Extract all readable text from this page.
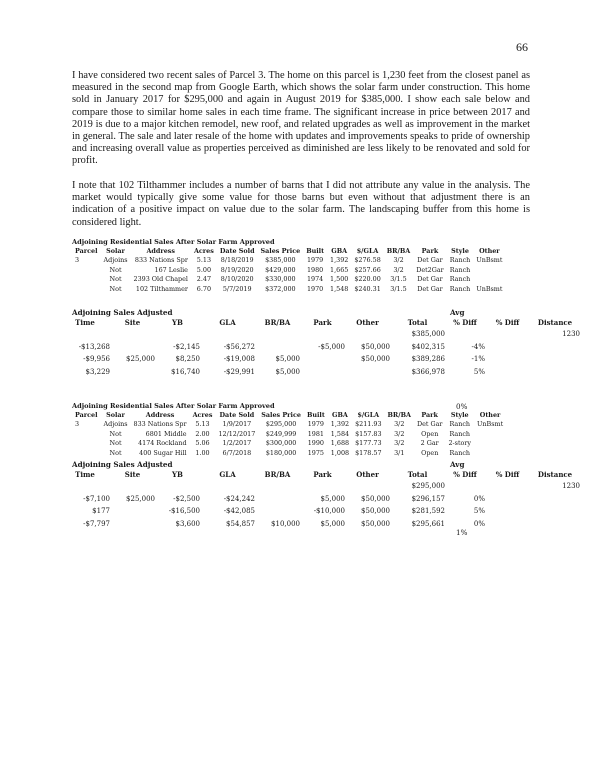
66

I have considered two recent sales of Parcel 3. The home on this parcel is 1,230 feet from the closest panel as measured in the second map from Google Earth, which shows the solar farm under construction. This home sold in January 2017 for $295,000 and again in August 2019 for $385,000. I show each sale below and compare those to similar home sales in each time frame. The significant increase in price between 2017 and 2019 is due to a major kitchen remodel, new roof, and related upgrades as well as improvement in the market in general. The sale and later resale of the home with updates and improvements speaks to pride of ownership and increasing overall value as properties perceived as diminished are less likely to be renovated and sold for profit.

I note that 102 Tilthammer includes a number of barns that I did not attribute any value in the analysis. The market would typically give some value for those barns but even without that adjustment there is an indication of a positive impact on value due to the solar farm. The landscaping buffer from this home is considered light.

Adjoining Residential Sales After Solar Farm Approved
Parcel	Solar	Address	Acres	Date Sold	Sales Price	Built	GBA	$/GLA	BR/BA	Park	Style	Other
3	Adjoins	833 Nations Spr	5.13	8/18/2019	$385,000	1979	1,392	$276.58	3/2	Det Gar	Ranch	UnBsmt
	Not	167 Leslie	5.00	8/19/2020	$429,000	1980	1,665	$257.66	3/2	Det2Gar	Ranch	
	Not	2393 Old Chapel	2.47	8/10/2020	$330,000	1974	1,500	$220.00	3/1.5	Det Gar	Ranch	
	Not	102 Tilthammer	6.70	5/7/2019	$372,000	1970	1,548	$240.31	3/1.5	Det Gar	Ranch	UnBsmt
Adjoining Sales Adjusted	Avg
Time	Site	YB	GLA	BR/BA	Park	Other	Total	% Diff	% Diff	Distance
							$385,000			1230
-$13,268		-$2,145	-$56,272		-$5,000	$50,000	$402,315	-4%		
-$9,956	$25,000	$8,250	-$19,008	$5,000		$50,000	$389,286	-1%		
$3,229		$16,740	-$29,991	$5,000			$366,978	5%		
0%
Adjoining Residential Sales After Solar Farm Approved
Parcel	Solar	Address	Acres	Date Sold	Sales Price	Built	GBA	$/GLA	BR/BA	Park	Style	Other
3	Adjoins	833 Nations Spr	5.13	1/9/2017	$295,000	1979	1,392	$211.93	3/2	Det Gar	Ranch	UnBsmt
	Not	6801 Middle	2.00	12/12/2017	$249,999	1981	1,584	$157.83	3/2	Open	Ranch	
	Not	4174 Rockland	5.06	1/2/2017	$300,000	1990	1,688	$177.73	3/2	2 Gar	2-story	
	Not	400 Sugar Hill	1.00	6/7/2018	$180,000	1975	1,008	$178.57	3/1	Open	Ranch	
Adjoining Sales Adjusted	Avg
Time	Site	YB	GLA	BR/BA	Park	Other	Total	% Diff	% Diff	Distance
							$295,000			1230
-$7,100	$25,000	-$2,500	-$24,242		$5,000	$50,000	$296,157	0%		
$177		-$16,500	-$42,085		-$10,000	$50,000	$281,592	5%		
-$7,797		$3,600	$54,857	$10,000	$5,000	$50,000	$295,661	0%		
1%
